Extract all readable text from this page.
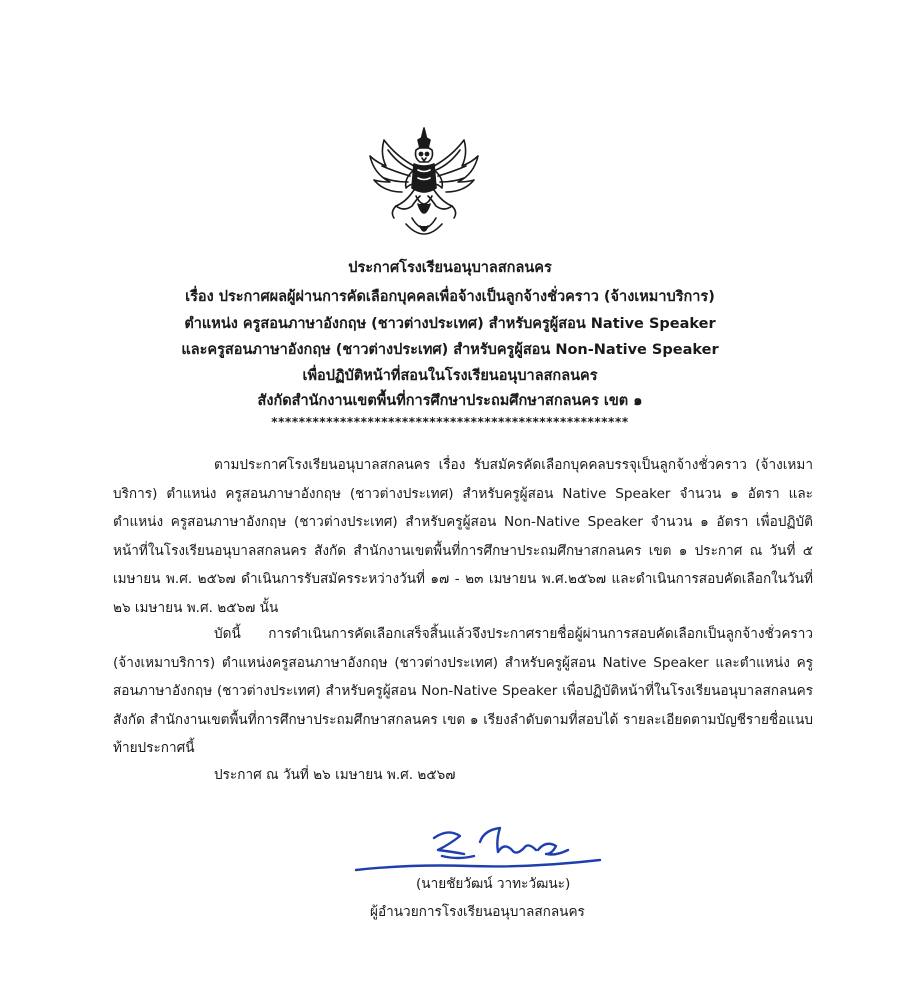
ประกาศโรงเรียนอนุบาลสกลนคร
เรื่อง ประกาศผลผู้ผ่านการคัดเลือกบุคคลเพื่อจ้างเป็นลูกจ้างชั่วคราว (จ้างเหมาบริการ)
ตำแหน่ง ครูสอนภาษาอังกฤษ (ชาวต่างประเทศ) สำหรับครูผู้สอน Native Speaker
และครูสอนภาษาอังกฤษ (ชาวต่างประเทศ) สำหรับครูผู้สอน Non-Native Speaker
เพื่อปฏิบัติหน้าที่สอนในโรงเรียนอนุบาลสกลนคร
สังกัดสำนักงานเขตพื้นที่การศึกษาประถมศึกษาสกลนคร เขต ๑
****************************************************

ตามประกาศโรงเรียนอนุบาลสกลนคร เรื่อง รับสมัครคัดเลือกบุคคลบรรจุเป็นลูกจ้างชั่วคราว (จ้างเหมาบริการ) ตำแหน่ง ครูสอนภาษาอังกฤษ (ชาวต่างประเทศ) สำหรับครูผู้สอน Native Speaker จำนวน ๑ อัตรา และตำแหน่ง ครูสอนภาษาอังกฤษ (ชาวต่างประเทศ) สำหรับครูผู้สอน Non-Native Speaker จำนวน ๑ อัตรา เพื่อปฏิบัติหน้าที่ในโรงเรียนอนุบาลสกลนคร สังกัด สำนักงานเขตพื้นที่การศึกษาประถมศึกษาสกลนคร เขต ๑ ประกาศ ณ วันที่ ๕ เมษายน พ.ศ. ๒๕๖๗ ดำเนินการรับสมัครระหว่างวันที่ ๑๗ - ๒๓ เมษายน พ.ศ.๒๕๖๗ และดำเนินการสอบคัดเลือกในวันที่ ๒๖ เมษายน พ.ศ. ๒๕๖๗ นั้น

บัดนี้ การดำเนินการคัดเลือกเสร็จสิ้นแล้วจึงประกาศรายชื่อผู้ผ่านการสอบคัดเลือกเป็นลูกจ้างชั่วคราว (จ้างเหมาบริการ) ตำแหน่งครูสอนภาษาอังกฤษ (ชาวต่างประเทศ) สำหรับครูผู้สอน Native Speaker และตำแหน่ง ครูสอนภาษาอังกฤษ (ชาวต่างประเทศ) สำหรับครูผู้สอน Non-Native Speaker เพื่อปฏิบัติหน้าที่ในโรงเรียนอนุบาลสกลนคร สังกัด สำนักงานเขตพื้นที่การศึกษาประถมศึกษาสกลนคร เขต ๑ เรียงลำดับตามที่สอบได้ รายละเอียดตามบัญชีรายชื่อแนบท้ายประกาศนี้

ประกาศ ณ วันที่ ๒๖ เมษายน พ.ศ. ๒๕๖๗
(นายชัยวัฒน์ วาทะวัฒนะ)
ผู้อำนวยการโรงเรียนอนุบาลสกลนคร
